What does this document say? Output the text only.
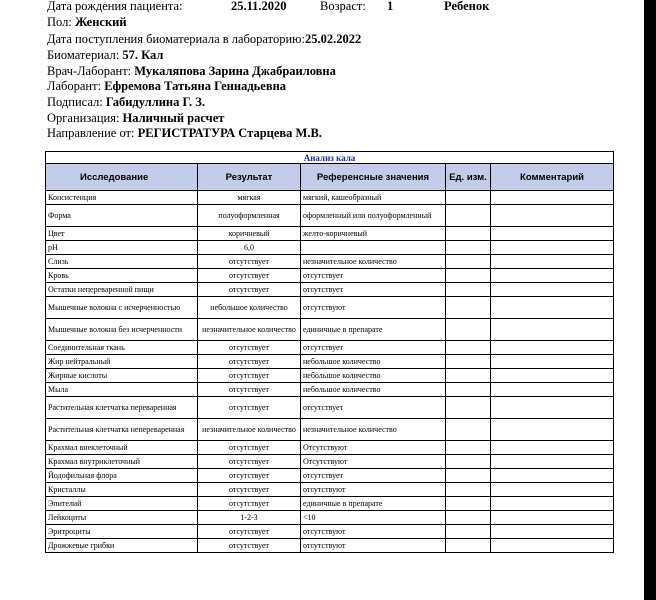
Дата рождения пациента:	25.11.2020	Возраст: 1	Ребенок
Пол: Женский
Дата поступления биоматериала в лабораторию:25.02.2022
Биоматериал: 57. Кал
Врач-Лаборант: Мукаляпова Зарина Джабраиловна
Лаборант: Ефремова Татьяна Геннадьевна
Подписал: Габидуллина Г. З.
Организация: Наличный расчет
Направление от: РЕГИСТРАТУРА Старцева М.В.
Анализ кала				
Исследование	Результат	Референсные значения	Ед. изм.	Комментарий
Консистенция	мягкая	мягкий, кашеобразный		
Форма	полуоформленная	оформленный или полуоформленный		
Цвет	коричневый	желто-коричневый		
pH	6,0			
Слизь	отсутствует	незначительное количество		
Кровь	отсутствует	отсутствует		
Остатки непереваренной пищи	отсутствует	отсутствует		
Мышечные волокна с исчерченностью	небольшое количество	отсутствуют		
Мышечные волокна без исчерченности	незначительное количество	единичные в препарате		
Соединительная ткань	отсутствует	отсутствует		
Жир нейтральный	отсутствует	небольшое количество		
Жирные кислоты	отсутствует	небольшое количество		
Мыла	отсутствует	небольшое количество		
Растительная клетчатка переваренная	отсутствует	отсутствует		
Растительная клетчатка непереваренная	незначительное количество	незначительное количество		
Крахмал внеклеточный	отсутствует	Отсутствуют		
Крахмал внутриклеточный	отсутствует	Отсутствуют		
Йодофильная флора	отсутствует	отсутствует		
Кристаллы	отсутствует	отсутствуют		
Эпителий	отсутствует	единичные в препарате		
Лейкоциты	1-2-3	<10		
Эритроциты	отсутствует	отсутствуют		
Дрожжевые грибки	отсутствует	отсутствуют		
